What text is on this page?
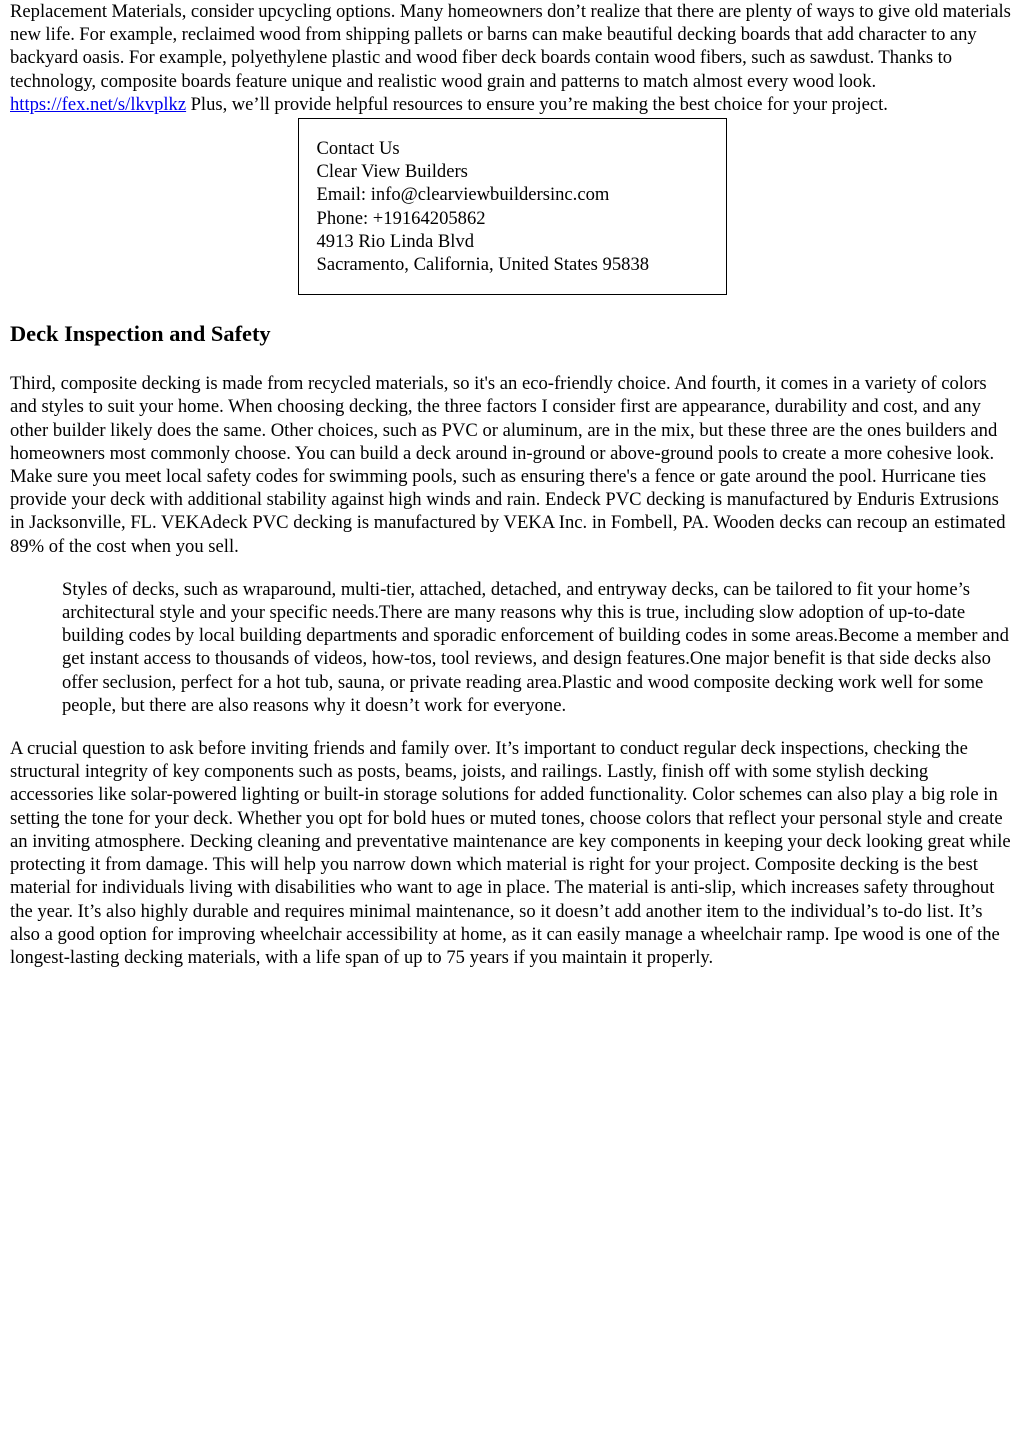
Replacement Materials, consider upcycling options. Many homeowners don’t realize that there are plenty of ways to give old materials new life. For example, reclaimed wood from shipping pallets or barns can make beautiful decking boards that add character to any backyard oasis. For example, polyethylene plastic and wood fiber deck boards contain wood fibers, such as sawdust. Thanks to technology, composite boards feature unique and realistic wood grain and patterns to match almost every wood look. https://fex.net/s/lkvplkz Plus, we’ll provide helpful resources to ensure you’re making the best choice for your project.

Contact Us
Clear View Builders
Email: info@clearviewbuildersinc.com
Phone: +19164205862
4913 Rio Linda Blvd
Sacramento, California, United States 95838
Deck Inspection and Safety

Third, composite decking is made from recycled materials, so it's an eco-friendly choice. And fourth, it comes in a variety of colors and styles to suit your home. When choosing decking, the three factors I consider first are appearance, durability and cost, and any other builder likely does the same. Other choices, such as PVC or aluminum, are in the mix, but these three are the ones builders and homeowners most commonly choose. You can build a deck around in-ground or above-ground pools to create a more cohesive look. Make sure you meet local safety codes for swimming pools, such as ensuring there's a fence or gate around the pool. Hurricane ties provide your deck with additional stability against high winds and rain. Endeck PVC decking is manufactured by Enduris Extrusions in Jacksonville, FL. VEKAdeck PVC decking is manufactured by VEKA Inc. in Fombell, PA. Wooden decks can recoup an estimated 89% of the cost when you sell.

Styles of decks, such as wraparound, multi-tier, attached, detached, and entryway decks, can be tailored to fit your home’s architectural style and your specific needs.There are many reasons why this is true, including slow adoption of up-to-date building codes by local building departments and sporadic enforcement of building codes in some areas.Become a member and get instant access to thousands of videos, how-tos, tool reviews, and design features.One major benefit is that side decks also offer seclusion, perfect for a hot tub, sauna, or private reading area.Plastic and wood composite decking work well for some people, but there are also reasons why it doesn’t work for everyone.

A crucial question to ask before inviting friends and family over. It’s important to conduct regular deck inspections, checking the structural integrity of key components such as posts, beams, joists, and railings. Lastly, finish off with some stylish decking accessories like solar-powered lighting or built-in storage solutions for added functionality. Color schemes can also play a big role in setting the tone for your deck. Whether you opt for bold hues or muted tones, choose colors that reflect your personal style and create an inviting atmosphere. Decking cleaning and preventative maintenance are key components in keeping your deck looking great while protecting it from damage. This will help you narrow down which material is right for your project. Composite decking is the best material for individuals living with disabilities who want to age in place. The material is anti-slip, which increases safety throughout the year. It’s also highly durable and requires minimal maintenance, so it doesn’t add another item to the individual’s to-do list. It’s also a good option for improving wheelchair accessibility at home, as it can easily manage a wheelchair ramp. Ipe wood is one of the longest-lasting decking materials, with a life span of up to 75 years if you maintain it properly.
